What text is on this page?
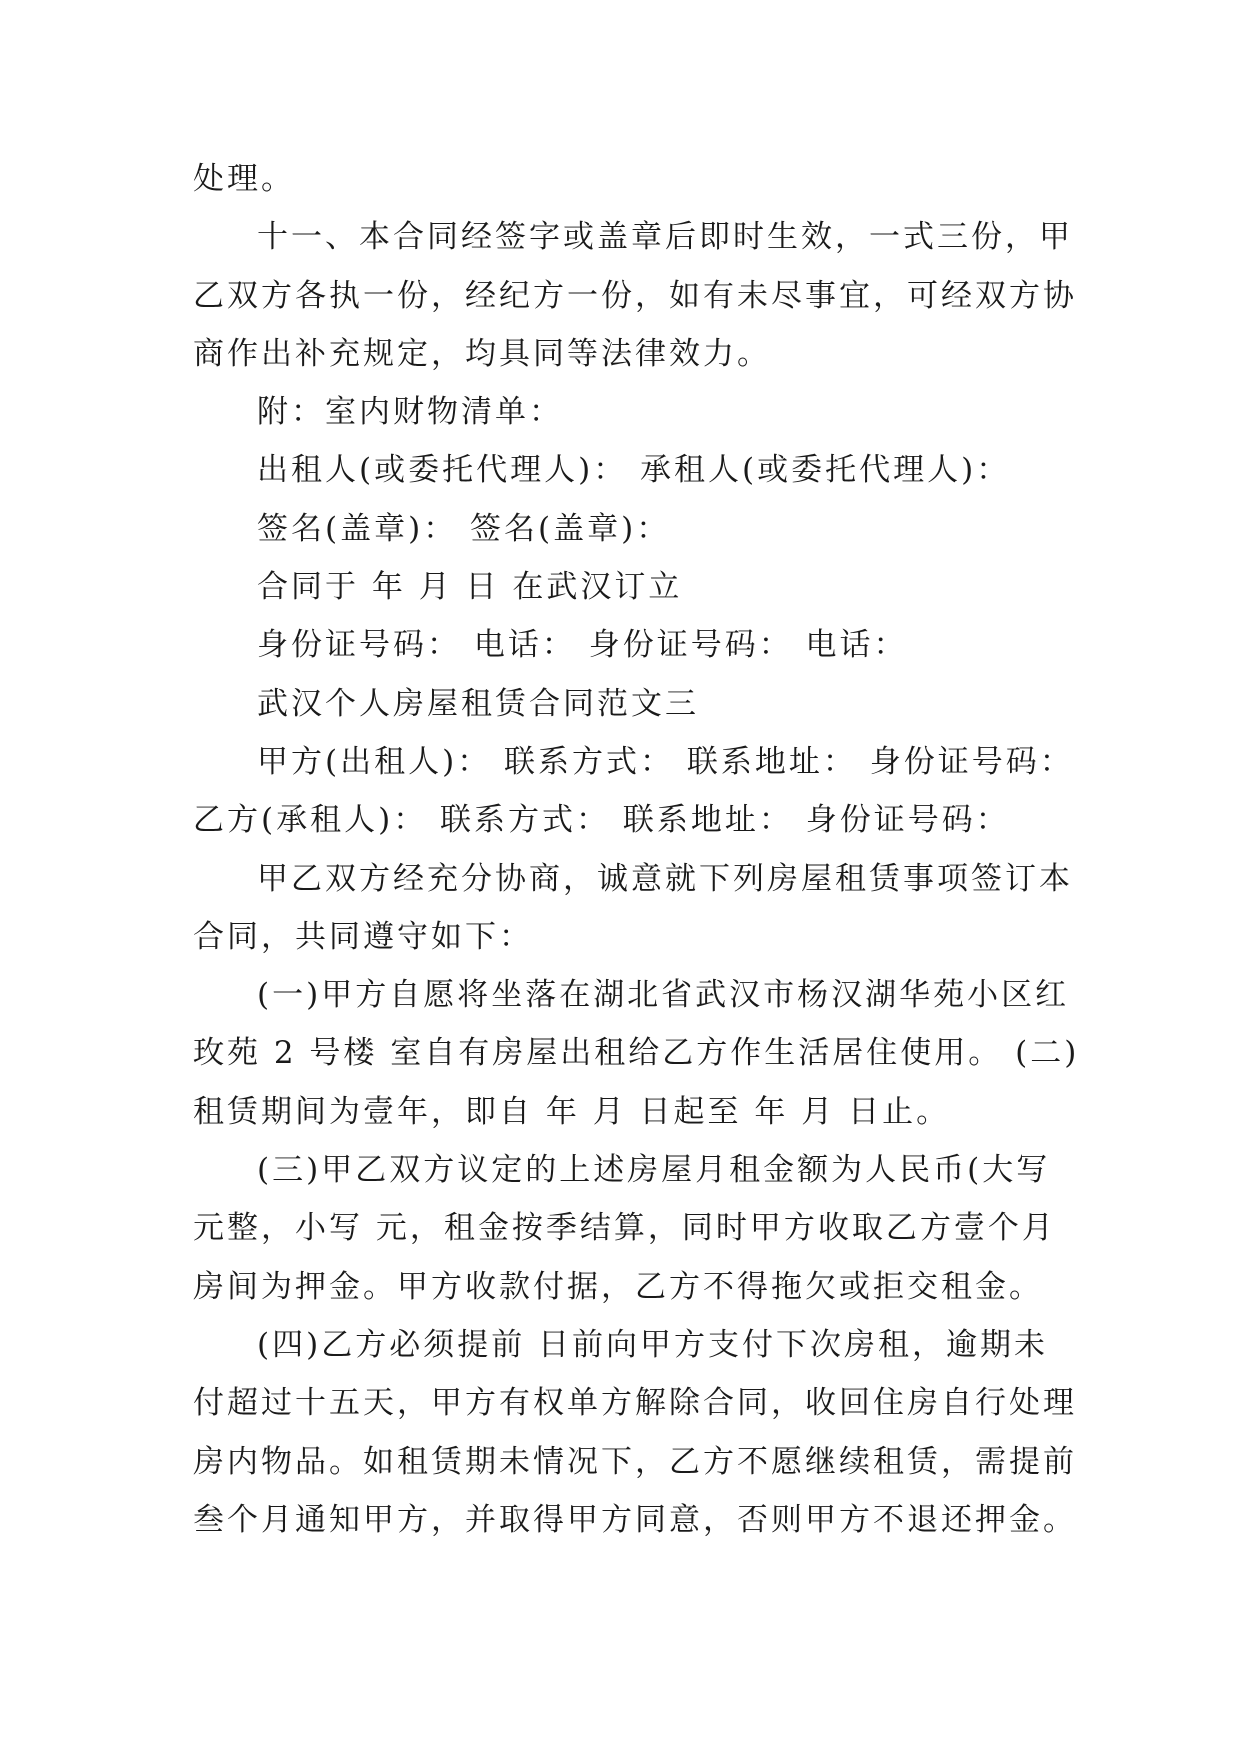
处理。
十一、本合同经签字或盖章后即时生效，一式三份，甲
乙双方各执一份，经纪方一份，如有未尽事宜，可经双方协
商作出补充规定，均具同等法律效力。
附：室内财物清单：
出租人(或委托代理人)： 承租人(或委托代理人)：
签名(盖章)： 签名(盖章)：
合同于 年 月 日 在武汉订立
身份证号码： 电话： 身份证号码： 电话：
武汉个人房屋租赁合同范文三
甲方(出租人)： 联系方式： 联系地址： 身份证号码：
乙方(承租人)： 联系方式： 联系地址： 身份证号码：
甲乙双方经充分协商，诚意就下列房屋租赁事项签订本
合同，共同遵守如下：
(一)甲方自愿将坐落在湖北省武汉市杨汉湖华苑小区红
玫苑 2 号楼 室自有房屋出租给乙方作生活居住使用。 (二)
租赁期间为壹年，即自 年 月 日起至 年 月 日止。
(三)甲乙双方议定的上述房屋月租金额为人民币(大写
元整，小写 元，租金按季结算，同时甲方收取乙方壹个月
房间为押金。甲方收款付据，乙方不得拖欠或拒交租金。
(四)乙方必须提前 日前向甲方支付下次房租，逾期未
付超过十五天，甲方有权单方解除合同，收回住房自行处理
房内物品。如租赁期未情况下，乙方不愿继续租赁，需提前
叁个月通知甲方，并取得甲方同意，否则甲方不退还押金。
